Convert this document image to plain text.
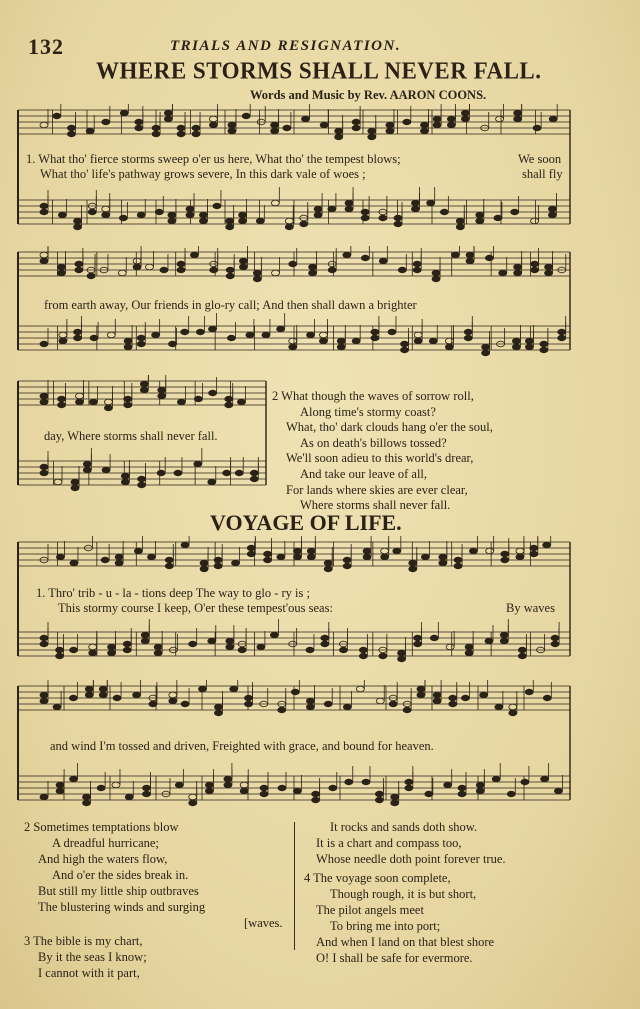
132	TRIALS AND RESIGNATION.
WHERE STORMS SHALL NEVER FALL.
Words and Music by Rev. AARON COONS.
1. What tho' fierce storms sweep o'er us here, What tho' the tempest blows;	We soon
What tho' life's pathway grows severe, In this dark vale of woes ;	shall fly
from earth away, Our friends in glo-ry call; And then shall dawn a brighter
day, Where storms shall never fall.
2 What though the waves of sorrow roll,
Along time's stormy coast?
What, tho' dark clouds hang o'er the soul,
As on death's billows tossed?
We'll soon adieu to this world's drear,
And take our leave of all,
For lands where skies are ever clear,
Where storms shall never fall.
VOYAGE OF LIFE.
1. Thro' trib - u - la - tions deep The way to glo - ry is ;
This stormy course I keep, O'er these tempest'ous seas:	By waves
and wind I'm tossed and driven, Freighted with grace, and bound for heaven.
2 Sometimes temptations blow
A dreadful hurricane;
And high the waters flow,
And o'er the sides break in.
But still my little ship outbraves
The blustering winds and surging
[waves.
3 The bible is my chart,
By it the seas I know;
I cannot with it part,
It rocks and sands doth show.
It is a chart and compass too,
Whose needle doth point forever true.
4 The voyage soon complete,
Though rough, it is but short,
The pilot angels meet
To bring me into port;
And when I land on that blest shore
O! I shall be safe for evermore.
